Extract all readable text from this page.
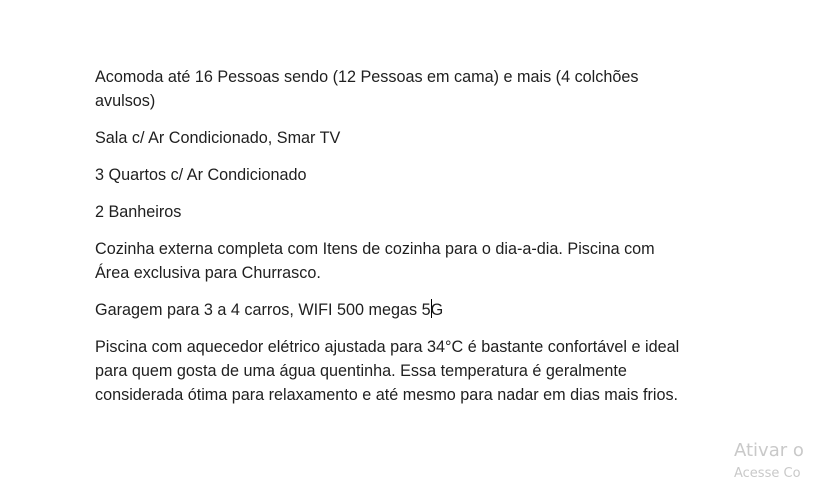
Acomoda até 16 Pessoas sendo (12 Pessoas em cama) e mais (4 colchões
avulsos)

Sala c/ Ar Condicionado, Smar TV

3 Quartos c/ Ar Condicionado

2 Banheiros

Cozinha externa completa com Itens de cozinha para o dia-a-dia. Piscina com
Área exclusiva para Churrasco.

Garagem para 3 a 4 carros, WIFI 500 megas 5G

Piscina com aquecedor elétrico ajustada para 34°C é bastante confortável e ideal
para quem gosta de uma água quentinha. Essa temperatura é geralmente
considerada ótima para relaxamento e até mesmo para nadar em dias mais frios.

Ativar o
Acesse Co
